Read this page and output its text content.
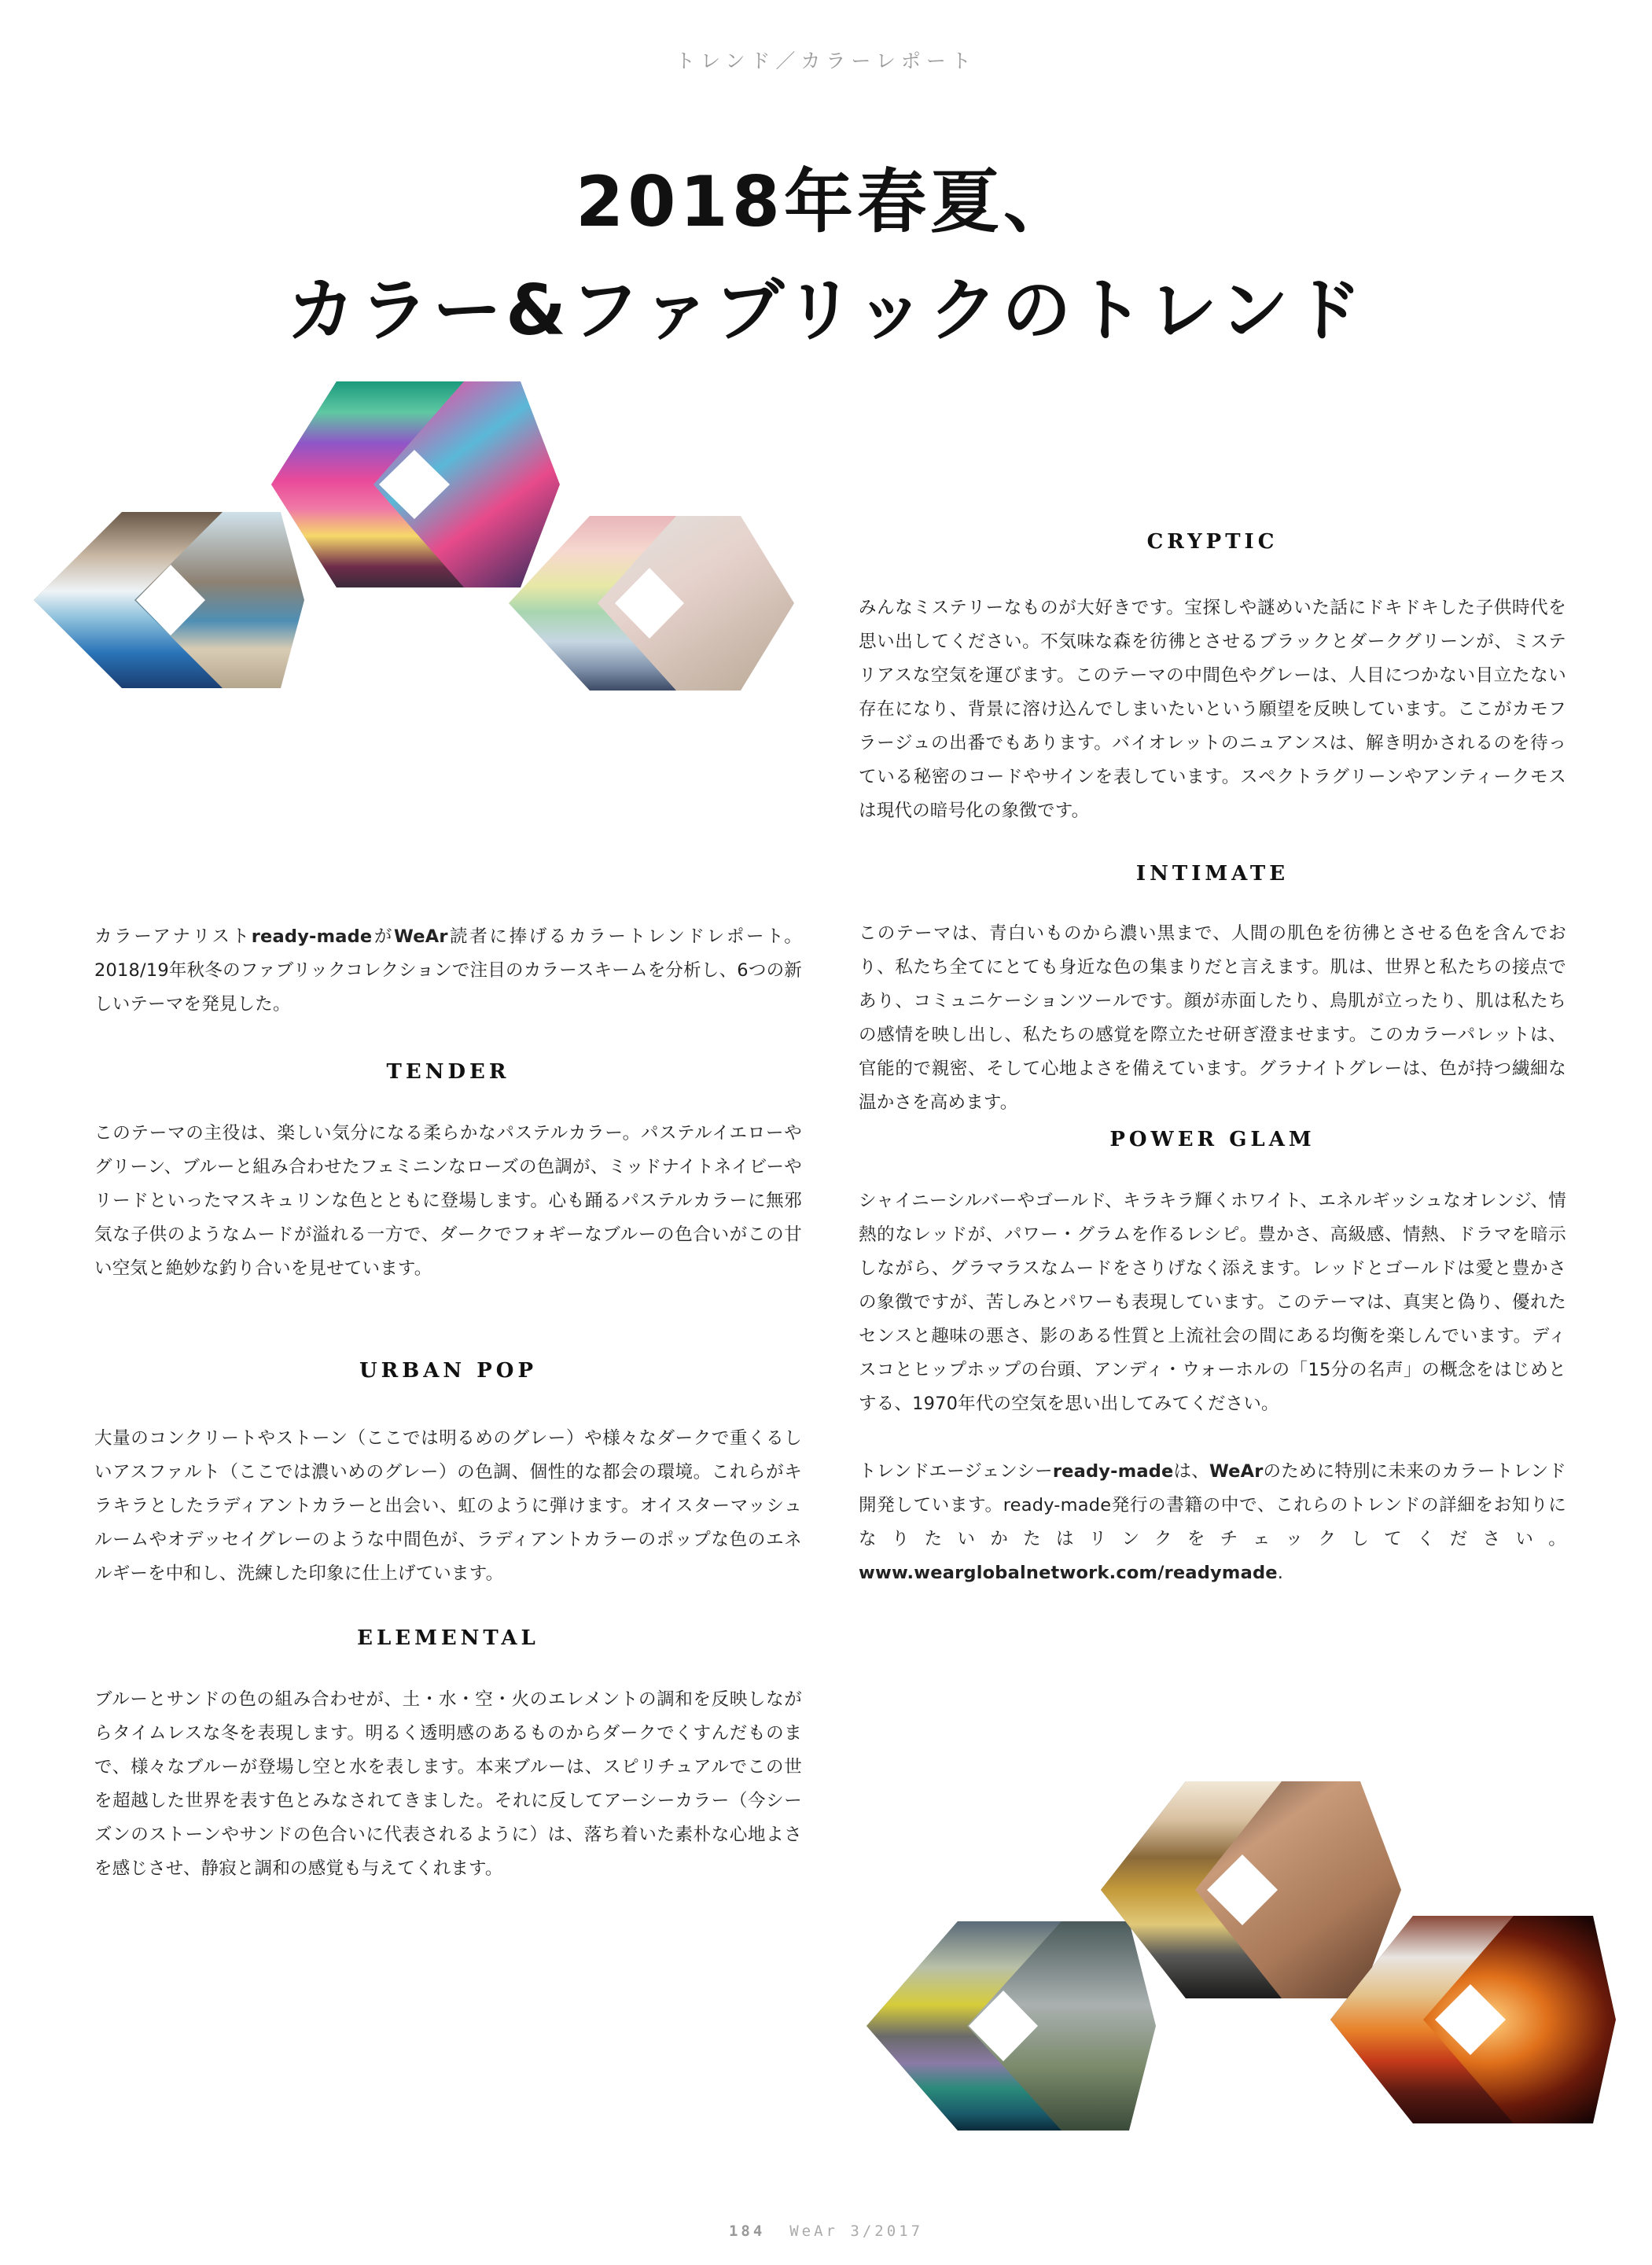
トレンド／カラーレポート
2018年春夏、
カラー&ファブリックのトレンド

カラーアナリストready-madeがWeAr読者に捧げるカラートレンドレポート。2018/19年秋冬のファブリックコレクションで注目のカラースキームを分析し、6つの新しいテーマを発見した。

TENDER

このテーマの主役は、楽しい気分になる柔らかなパステルカラー。パステルイエローやグリーン、ブルーと組み合わせたフェミニンなローズの色調が、ミッドナイトネイビーやリードといったマスキュリンな色とともに登場します。心も踊るパステルカラーに無邪気な子供のようなムードが溢れる一方で、ダークでフォギーなブルーの色合いがこの甘い空気と絶妙な釣り合いを見せています。

URBAN POP

大量のコンクリートやストーン（ここでは明るめのグレー）や様々なダークで重くるしいアスファルト（ここでは濃いめのグレー）の色調、個性的な都会の環境。これらがキラキラとしたラディアントカラーと出会い、虹のように弾けます。オイスターマッシュルームやオデッセイグレーのような中間色が、ラディアントカラーのポップな色のエネルギーを中和し、洗練した印象に仕上げています。

ELEMENTAL

ブルーとサンドの色の組み合わせが、土・水・空・火のエレメントの調和を反映しながらタイムレスな冬を表現します。明るく透明感のあるものからダークでくすんだものまで、様々なブルーが登場し空と水を表します。本来ブルーは、スピリチュアルでこの世を超越した世界を表す色とみなされてきました。それに反してアーシーカラー（今シーズンのストーンやサンドの色合いに代表されるように）は、落ち着いた素朴な心地よさを感じさせ、静寂と調和の感覚も与えてくれます。

CRYPTIC

みんなミステリーなものが大好きです。宝探しや謎めいた話にドキドキした子供時代を思い出してください。不気味な森を彷彿とさせるブラックとダークグリーンが、ミステリアスな空気を運びます。このテーマの中間色やグレーは、人目につかない目立たない存在になり、背景に溶け込んでしまいたいという願望を反映しています。ここがカモフラージュの出番でもあります。バイオレットのニュアンスは、解き明かされるのを待っている秘密のコードやサインを表しています。スペクトラグリーンやアンティークモスは現代の暗号化の象徴です。

INTIMATE

このテーマは、青白いものから濃い黒まで、人間の肌色を彷彿とさせる色を含んでおり、私たち全てにとても身近な色の集まりだと言えます。肌は、世界と私たちの接点であり、コミュニケーションツールです。顔が赤面したり、鳥肌が立ったり、肌は私たちの感情を映し出し、私たちの感覚を際立たせ研ぎ澄ませます。このカラーパレットは、官能的で親密、そして心地よさを備えています。グラナイトグレーは、色が持つ繊細な温かさを高めます。

POWER GLAM

シャイニーシルバーやゴールド、キラキラ輝くホワイト、エネルギッシュなオレンジ、情熱的なレッドが、パワー・グラムを作るレシピ。豊かさ、高級感、情熱、ドラマを暗示しながら、グラマラスなムードをさりげなく添えます。レッドとゴールドは愛と豊かさの象徴ですが、苦しみとパワーも表現しています。このテーマは、真実と偽り、優れたセンスと趣味の悪さ、影のある性質と上流社会の間にある均衡を楽しんでいます。ディスコとヒップホップの台頭、アンディ・ウォーホルの「15分の名声」の概念をはじめとする、1970年代の空気を思い出してみてください。

トレンドエージェンシーready-madeは、WeArのために特別に未来のカラートレンド開発しています。ready-made発行の書籍の中で、これらのトレンドの詳細をお知りになりたいかたはリンクをチェックしてください。www.wearglobalnetwork.com/readymade.

184 WeAr 3/2017
